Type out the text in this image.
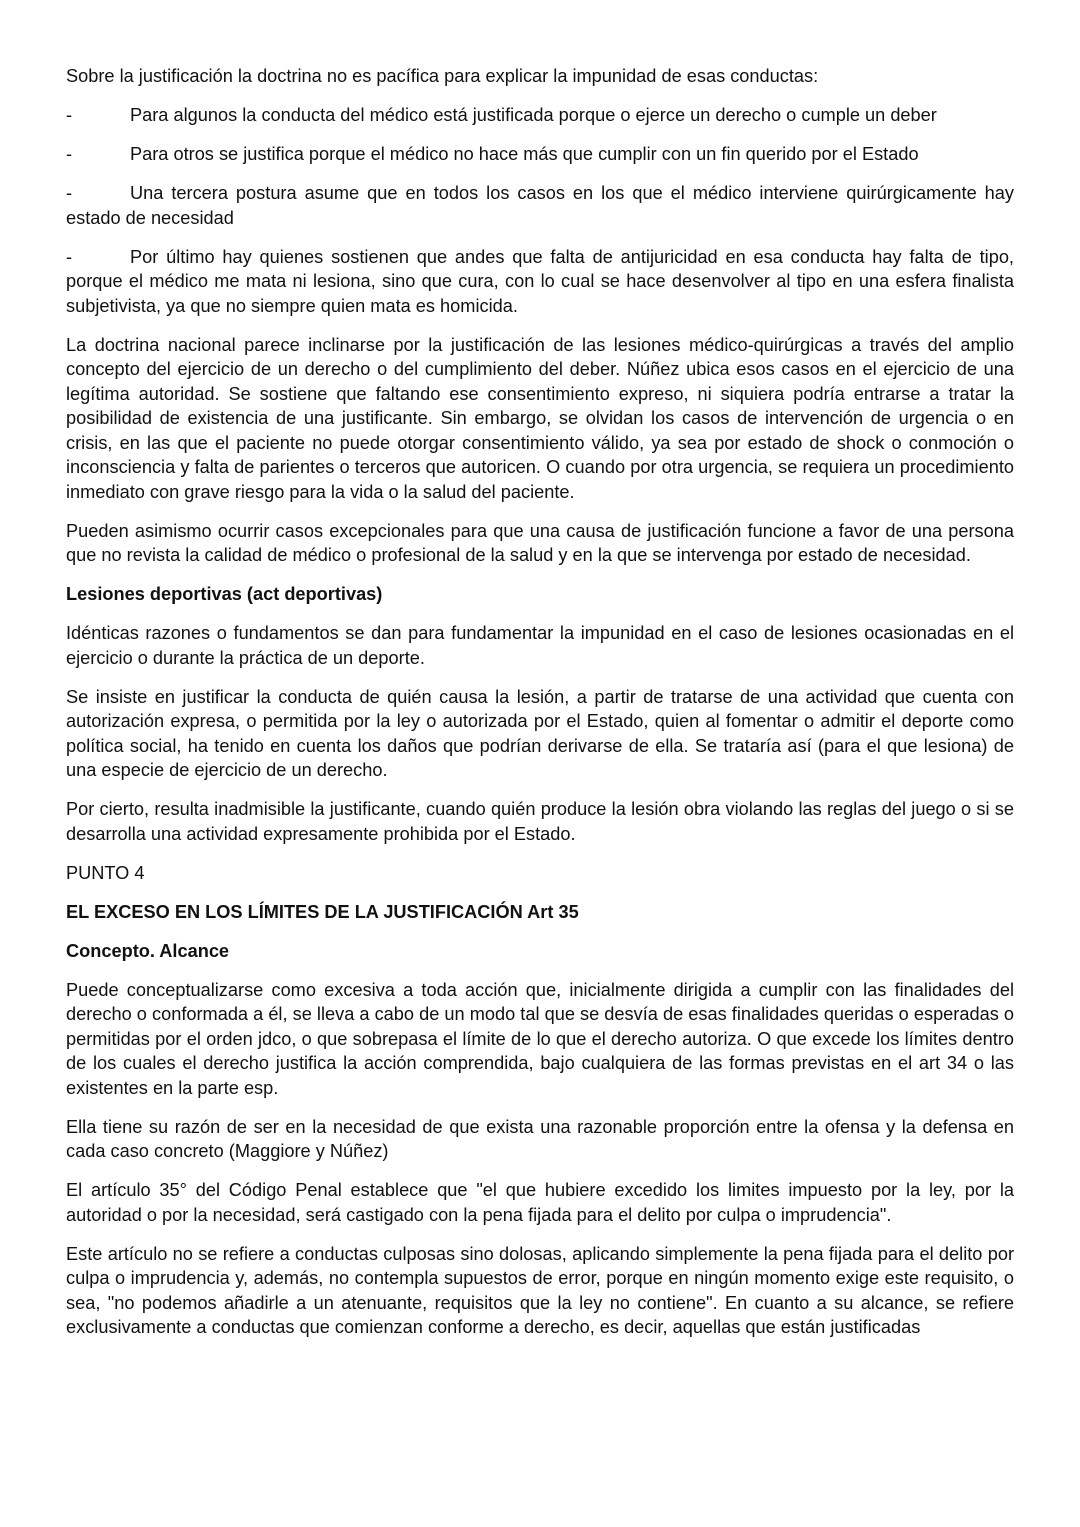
Sobre la justificación la doctrina no es pacífica para explicar la impunidad de esas conductas:

-	Para algunos la conducta del médico está justificada porque o ejerce un derecho o cumple un deber

-	Para otros se justifica porque el médico no hace más que cumplir con un fin querido por el Estado

-	Una tercera postura asume que en todos los casos en los que el médico interviene quirúrgicamente hay estado de necesidad

-	Por último hay quienes sostienen que andes que falta de antijuricidad en esa conducta hay falta de tipo, porque el médico me mata ni lesiona, sino que cura, con lo cual se hace desenvolver al tipo en una esfera finalista subjetivista, ya que no siempre quien mata es homicida.

La doctrina nacional parece inclinarse por la justificación de las lesiones médico-quirúrgicas a través del amplio concepto del ejercicio de un derecho o del cumplimiento del deber. Núñez ubica esos casos en el ejercicio de una legítima autoridad. Se sostiene que faltando ese consentimiento expreso, ni siquiera podría entrarse a tratar la posibilidad de existencia de una justificante. Sin embargo, se olvidan los casos de intervención de urgencia o en crisis, en las que el paciente no puede otorgar consentimiento válido, ya sea por estado de shock o conmoción o inconsciencia y falta de parientes o terceros que autoricen. O cuando por otra urgencia, se requiera un procedimiento inmediato con grave riesgo para la vida o la salud del paciente.

Pueden asimismo ocurrir casos excepcionales para que una causa de justificación funcione a favor de una persona que no revista la calidad de médico o profesional de la salud y en la que se intervenga por estado de necesidad.

Lesiones deportivas (act deportivas)

Idénticas razones o fundamentos se dan para fundamentar la impunidad en el caso de lesiones ocasionadas en el ejercicio o durante la práctica de un deporte.

Se insiste en justificar la conducta de quién causa la lesión, a partir de tratarse de una actividad que cuenta con autorización expresa, o permitida por la ley o autorizada por el Estado, quien al fomentar o admitir el deporte como política social, ha tenido en cuenta los daños que podrían derivarse de ella. Se trataría así (para el que lesiona) de una especie de ejercicio de un derecho.

Por cierto, resulta inadmisible la justificante, cuando quién produce la lesión obra violando las reglas del juego o si se desarrolla una actividad expresamente prohibida por el Estado.

PUNTO 4

EL EXCESO EN LOS LÍMITES DE LA JUSTIFICACIÓN Art 35

Concepto. Alcance

Puede conceptualizarse como excesiva a toda acción que, inicialmente dirigida a cumplir con las finalidades del derecho o conformada a él, se lleva a cabo de un modo tal que se desvía de esas finalidades queridas o esperadas o permitidas por el orden jdco, o que sobrepasa el límite de lo que el derecho autoriza. O que excede los límites dentro de los cuales el derecho justifica la acción comprendida, bajo cualquiera de las formas previstas en el art 34 o las existentes en la parte esp.

Ella tiene su razón de ser en la necesidad de que exista una razonable proporción entre la ofensa y la defensa en cada caso concreto (Maggiore y Núñez)

El artículo 35° del Código Penal establece que "el que hubiere excedido los limites impuesto por la ley, por la autoridad o por la necesidad, será castigado con la pena fijada para el delito por culpa o imprudencia".

Este artículo no se refiere a conductas culposas sino dolosas, aplicando simplemente la pena fijada para el delito por culpa o imprudencia y, además, no contempla supuestos de error, porque en ningún momento exige este requisito, o sea, "no podemos añadirle a un atenuante, requisitos que la ley no contiene". En cuanto a su alcance, se refiere exclusivamente a conductas que comienzan conforme a derecho, es decir, aquellas que están justificadas
